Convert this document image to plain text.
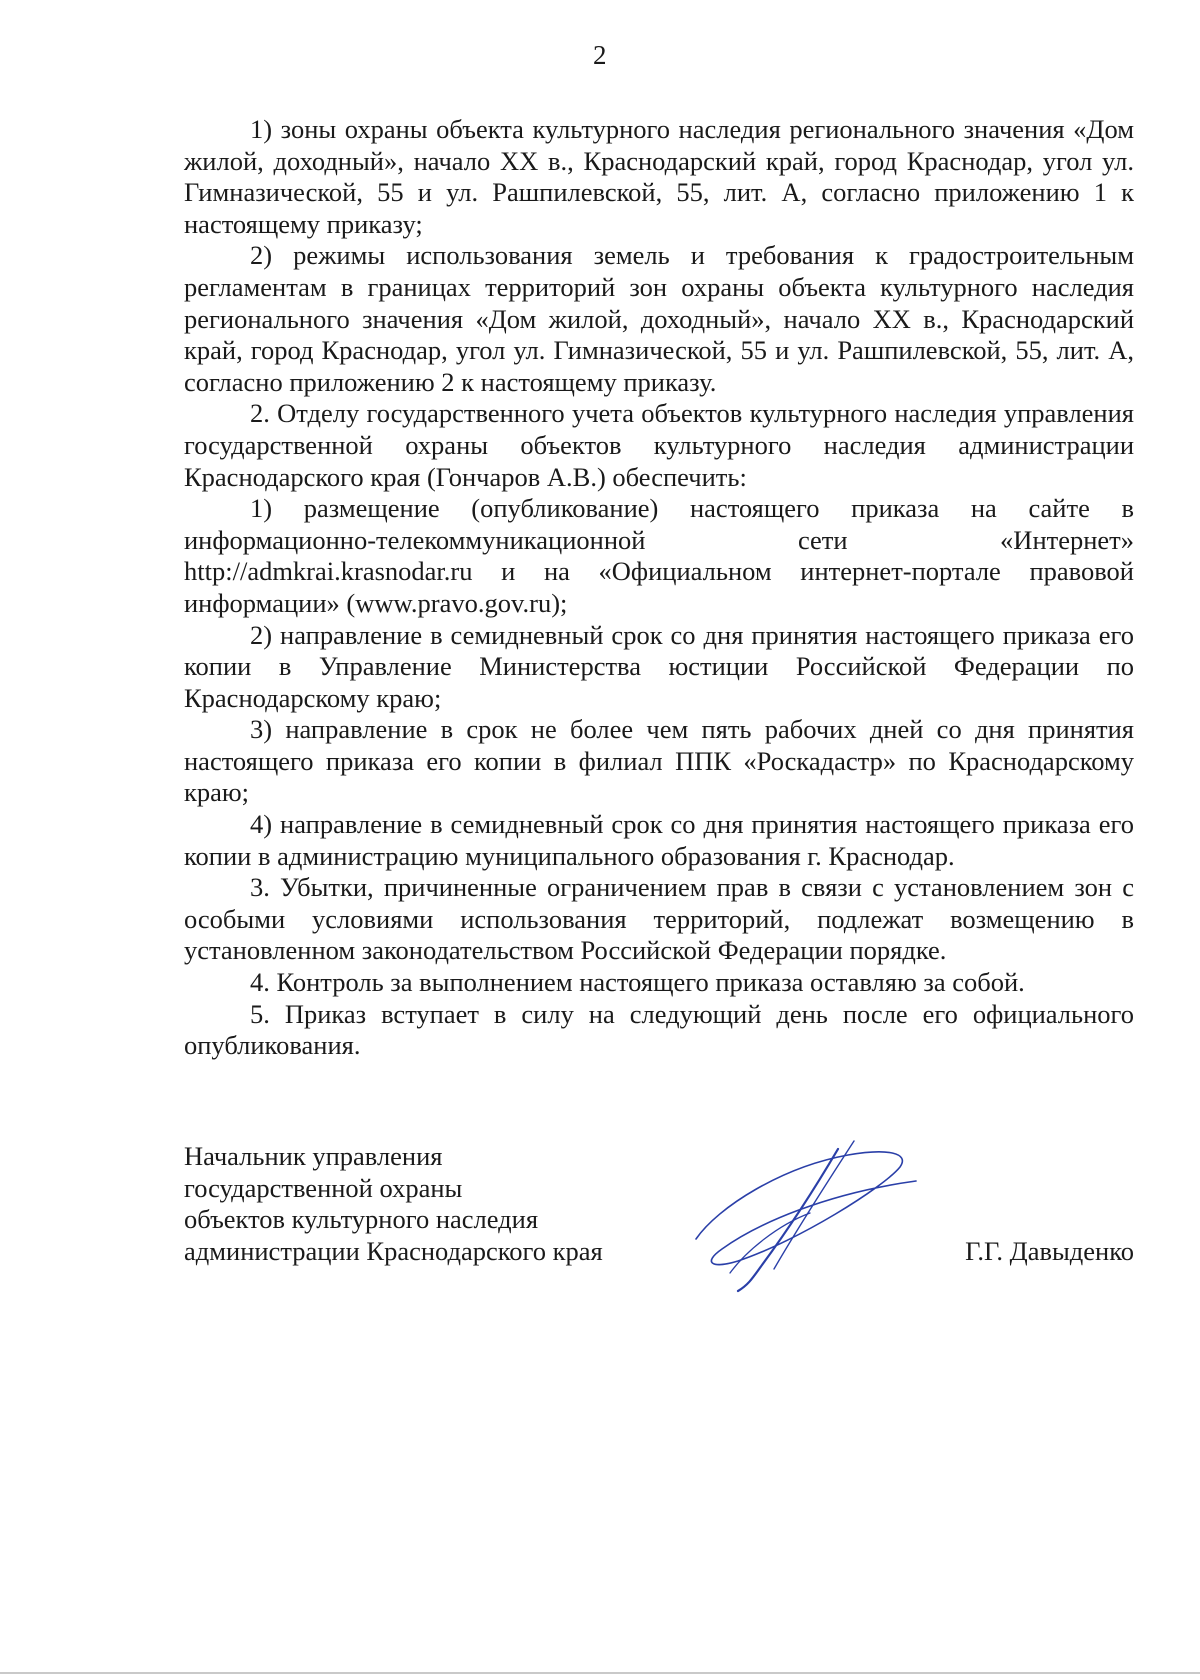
2

1) зоны охраны объекта культурного наследия регионального значения «Дом жилой, доходный», начало XX в., Краснодарский край, город Краснодар, угол ул. Гимназической, 55 и ул. Рашпилевской, 55, лит. А, согласно приложению 1 к настоящему приказу;

2) режимы использования земель и требования к градостроительным регламентам в границах территорий зон охраны объекта культурного наследия регионального значения «Дом жилой, доходный», начало XX в., Краснодарский край, город Краснодар, угол ул. Гимназической, 55 и ул. Рашпилевской, 55, лит. А, согласно приложению 2 к настоящему приказу.

2. Отделу государственного учета объектов культурного наследия управления государственной охраны объектов культурного наследия администрации Краснодарского края (Гончаров А.В.) обеспечить:

1) размещение (опубликование) настоящего приказа на сайте в информационно-телекоммуникационной сети «Интернет» http://admkrai.krasnodar.ru и на «Официальном интернет-портале правовой информации» (www.pravo.gov.ru);

2) направление в семидневный срок со дня принятия настоящего приказа его копии в Управление Министерства юстиции Российской Федерации по Краснодарскому краю;

3) направление в срок не более чем пять рабочих дней со дня принятия настоящего приказа его копии в филиал ППК «Роскадастр» по Краснодарскому краю;

4) направление в семидневный срок со дня принятия настоящего приказа его копии в администрацию муниципального образования г. Краснодар.

3. Убытки, причиненные ограничением прав в связи с установлением зон с особыми условиями использования территорий, подлежат возмещению в установленном законодательством Российской Федерации порядке.

4. Контроль за выполнением настоящего приказа оставляю за собой.

5. Приказ вступает в силу на следующий день после его официального опубликования.

Начальник управления
государственной охраны
объектов культурного наследия
администрации Краснодарского края	Г.Г. Давыденко
